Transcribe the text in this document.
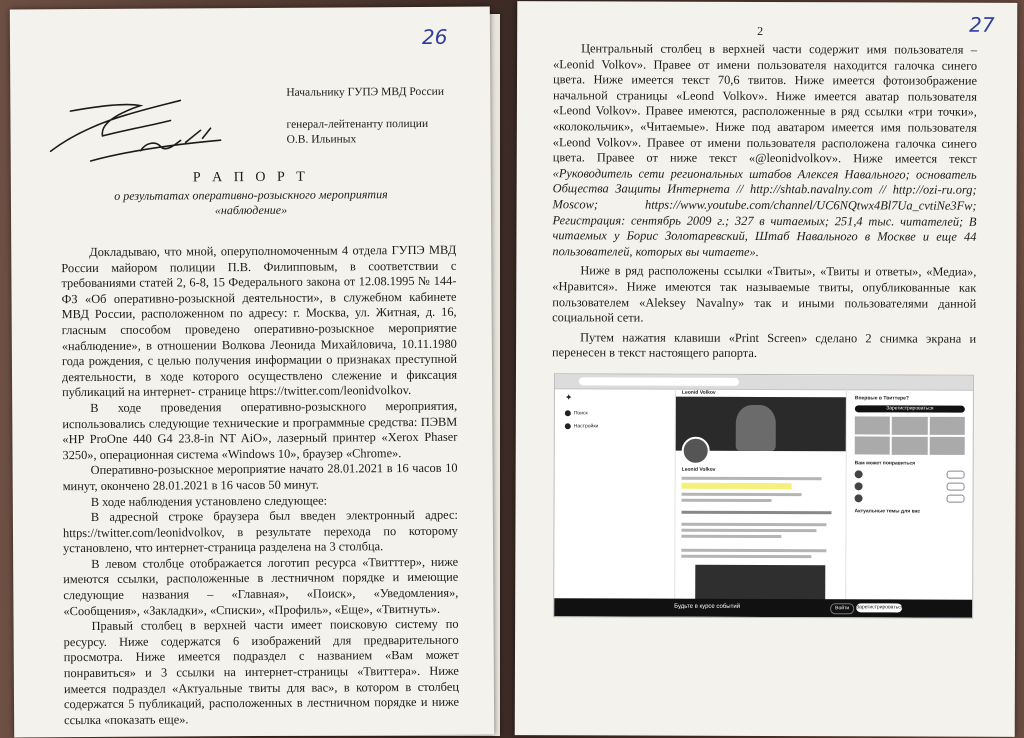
26
Начальнику ГУПЭ МВД России
генерал-лейтенанту полиции
О.В. Ильиных
Р А П О Р Т
о результатах оперативно-розыскного мероприятия
«наблюдение»

Докладываю, что мной, оперуполномоченным 4 отдела ГУПЭ МВД России майором полиции П.В. Филипповым, в соответствии с требованиями статей 2, 6-8, 15 Федерального закона от 12.08.1995 № 144-ФЗ «Об оперативно-розыскной деятельности», в служебном кабинете МВД России, расположенном по адресу: г. Москва, ул. Житная, д. 16, гласным способом проведено оперативно-розыскное мероприятие «наблюдение», в отношении Волкова Леонида Михайловича, 10.11.1980 года рождения, с целью получения информации о признаках преступной деятельности, в ходе которого осуществлено слежение и фиксация публикаций на интернет- странице https://twitter.com/leonidvolkov.

В ходе проведения оперативно-розыскного мероприятия, использовались следующие технические и программные средства: ПЭВМ «HP ProOne 440 G4 23.8-in NT AiO», лазерный принтер «Xerox Phaser 3250», операционная система «Windows 10», браузер «Chrome».

Оперативно-розыскное мероприятие начато 28.01.2021 в 16 часов 10 минут, окончено 28.01.2021 в 16 часов 50 минут.

В ходе наблюдения установлено следующее:

В адресной строке браузера был введен электронный адрес: https://twitter.com/leonidvolkov, в результате перехода по которому установлено, что интернет-страница разделена на 3 столбца.

В левом столбце отображается логотип ресурса «Твитттер», ниже имеются ссылки, расположенные в лестничном порядке и имеющие следующие названия – «Главная», «Поиск», «Уведомления», «Сообщения», «Закладки», «Списки», «Профиль», «Еще», «Твитнуть».

Правый столбец в верхней части имеет поисковую систему по ресурсу. Ниже содержатся 6 изображений для предварительного просмотра. Ниже имеется подраздел с названием «Вам может понравиться» и 3 ссылки на интернет-страницы «Твиттера». Ниже имеется подраздел «Актуальные твиты для вас», в котором в столбец содержатся 5 публикаций, расположенных в лестничном порядке и ниже ссылка «показать еще».

2	27

Центральный столбец в верхней части содержит имя пользователя – «Leonid Volkov». Правее от имени пользователя находится галочка синего цвета. Ниже имеется текст 70,6 твитов. Ниже имеется фотоизображение начальной страницы «Leond Volkov». Ниже имеется аватар пользователя «Leond Volkov». Правее имеются, расположенные в ряд ссылки «три точки», «колокольчик», «Читаемые». Ниже под аватаром имеется имя пользователя «Leond Volkov». Правее от имени пользователя расположена галочка синего цвета. Правее от ниже текст «@leonidvolkov». Ниже имеется текст «Руководитель сети региональных штабов Алексея Навального; основатель Общества Защиты Интернета // http://shtab.navalny.com // http://ozi-ru.org; Moscow; https://www.youtube.com/channel/UC6NQtwx4Bl7Ua_cvtiNe3Fw; Регистрация: сентябрь 2009 г.; 327 в читаемых; 251,4 тыс. читателей; В читаемых у Борис Золотаревский, Штаб Навального в Москве и еще 44 пользователей, которых вы читаете».

Ниже в ряд расположены ссылки «Твиты», «Твиты и ответы», «Медиа», «Нравится». Ниже имеются так называемые твиты, опубликованные как пользователем «Aleksey Navalny» так и иными пользователями данной социальной сети.

Путем нажатия клавиши «Print Screen» сделано 2 снимка экрана и перенесен в текст настоящего рапорта.

✦
Поиск
Настройки
Leonid Volkov
Leonid Volkov
Впервые в Твиттере?
Зарегистрироваться
Вам может понравиться
Актуальные темы для вас
Будьте в курсе событий	Войти	Зарегистрироваться
